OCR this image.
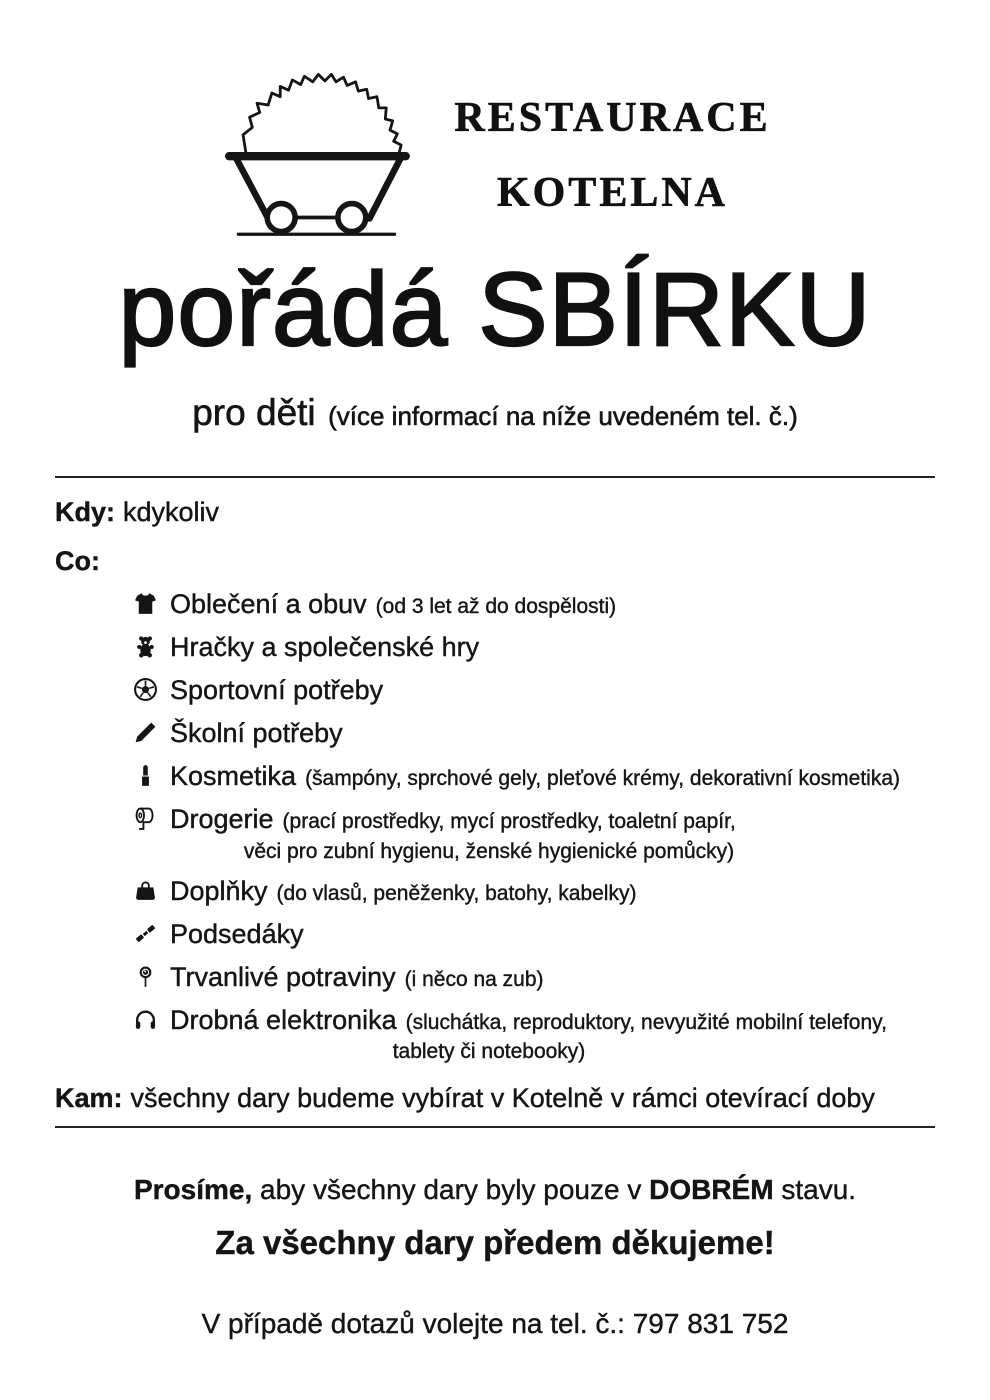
RESTAURACE
KOTELNA
pořádá SBÍRKU
pro děti (více informací na níže uvedeném tel. č.)
Kdy: kdykoliv
Co:
Oblečení a obuv (od 3 let až do dospělosti)
Hračky a společenské hry
Sportovní potřeby
Školní potřeby
Kosmetika (šampóny, sprchové gely, pleťové krémy, dekorativní kosmetika)
Drogerie (prací prostředky, mycí prostředky, toaletní papír,
věci pro zubní hygienu, ženské hygienické pomůcky)
Doplňky (do vlasů, peněženky, batohy, kabelky)
Podsedáky
Trvanlivé potraviny (i něco na zub)
Drobná elektronika (sluchátka, reproduktory, nevyužité mobilní telefony,
tablety či notebooky)
Kam: všechny dary budeme vybírat v Kotelně v rámci otevírací doby

Prosíme, aby všechny dary byly pouze v DOBRÉM stavu.

Za všechny dary předem děkujeme!

V případě dotazů volejte na tel. č.: 797 831 752
